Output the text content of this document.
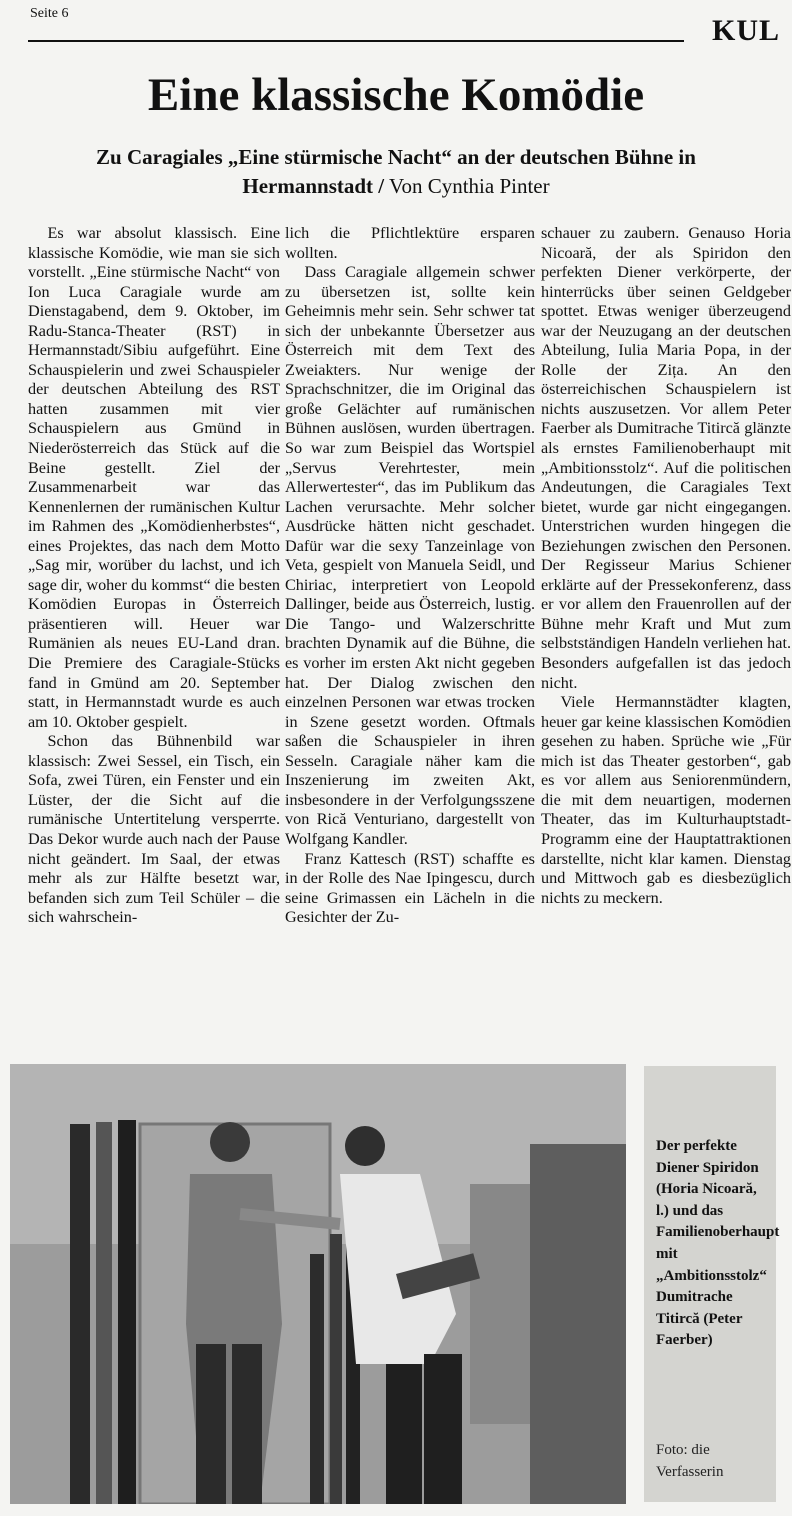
Seite 6
KUL
Eine klassische Komödie
Zu Caragiales „Eine stürmische Nacht“ an der deutschen Bühne in Hermannstadt / Von Cynthia Pinter

Es war absolut klassisch. Eine klassische Komödie, wie man sie sich vorstellt. „Eine stürmische Nacht“ von Ion Luca Caragiale wurde am Dienstagabend, dem 9. Oktober, im Radu-Stanca-Theater (RST) in Hermannstadt/Sibiu aufgeführt. Eine Schauspielerin und zwei Schauspieler der deutschen Abteilung des RST hatten zusammen mit vier Schauspielern aus Gmünd in Niederösterreich das Stück auf die Beine gestellt. Ziel der Zusammenarbeit war das Kennenlernen der rumänischen Kultur im Rahmen des „Komödienherbstes“, eines Projektes, das nach dem Motto „Sag mir, worüber du lachst, und ich sage dir, woher du kommst“ die besten Komödien Europas in Österreich präsentieren will. Heuer war Rumänien als neues EU-Land dran. Die Premiere des Caragiale-Stücks fand in Gmünd am 20. September statt, in Hermannstadt wurde es auch am 10. Oktober gespielt.

Schon das Bühnenbild war klassisch: Zwei Sessel, ein Tisch, ein Sofa, zwei Türen, ein Fenster und ein Lüster, der die Sicht auf die rumänische Untertitelung versperrte. Das Dekor wurde auch nach der Pause nicht geändert. Im Saal, der etwas mehr als zur Hälfte besetzt war, befanden sich zum Teil Schüler – die sich wahrschein-

lich die Pflichtlektüre ersparen wollten.

Dass Caragiale allgemein schwer zu übersetzen ist, sollte kein Geheimnis mehr sein. Sehr schwer tat sich der unbekannte Übersetzer aus Österreich mit dem Text des Zweiakters. Nur wenige der Sprachschnitzer, die im Original das große Gelächter auf rumänischen Bühnen auslösen, wurden übertragen. So war zum Beispiel das Wortspiel „Servus Verehrtester, mein Allerwertester“, das im Publikum das Lachen verursachte. Mehr solcher Ausdrücke hätten nicht geschadet. Dafür war die sexy Tanzeinlage von Veta, gespielt von Manuela Seidl, und Chiriac, interpretiert von Leopold Dallinger, beide aus Österreich, lustig. Die Tango- und Walzerschritte brachten Dynamik auf die Bühne, die es vorher im ersten Akt nicht gegeben hat. Der Dialog zwischen den einzelnen Personen war etwas trocken in Szene gesetzt worden. Oftmals saßen die Schauspieler in ihren Sesseln. Caragiale näher kam die Inszenierung im zweiten Akt, insbesondere in der Verfolgungsszene von Rică Venturiano, dargestellt von Wolfgang Kandler.

Franz Kattesch (RST) schaffte es in der Rolle des Nae Ipingescu, durch seine Grimassen ein Lächeln in die Gesichter der Zu-

schauer zu zaubern. Genauso Horia Nicoară, der als Spiridon den perfekten Diener verkörperte, der hinterrücks über seinen Geldgeber spottet. Etwas weniger überzeugend war der Neuzugang an der deutschen Abteilung, Iulia Maria Popa, in der Rolle der Zița. An den österreichischen Schauspielern ist nichts auszusetzen. Vor allem Peter Faerber als Dumitrache Titircă glänzte als ernstes Familienoberhaupt mit „Ambitionsstolz“. Auf die politischen Andeutungen, die Caragiales Text bietet, wurde gar nicht eingegangen. Unterstrichen wurden hingegen die Beziehungen zwischen den Personen. Der Regisseur Marius Schiener erklärte auf der Pressekonferenz, dass er vor allem den Frauenrollen auf der Bühne mehr Kraft und Mut zum selbstständigen Handeln verliehen hat. Besonders aufgefallen ist das jedoch nicht.

Viele Hermannstädter klagten, heuer gar keine klassischen Komödien gesehen zu haben. Sprüche wie „Für mich ist das Theater gestorben“, gab es vor allem aus Seniorenmündern, die mit dem neuartigen, modernen Theater, das im Kulturhauptstadt-Programm eine der Hauptattraktionen darstellte, nicht klar kamen. Dienstag und Mittwoch gab es diesbezüglich nichts zu meckern.

Der perfekte Diener Spiridon (Horia Nicoară, l.) und das Familienoberhaupt mit „Ambitionsstolz“ Dumitrache Titircă (Peter Faerber)
Foto: die Verfasserin
